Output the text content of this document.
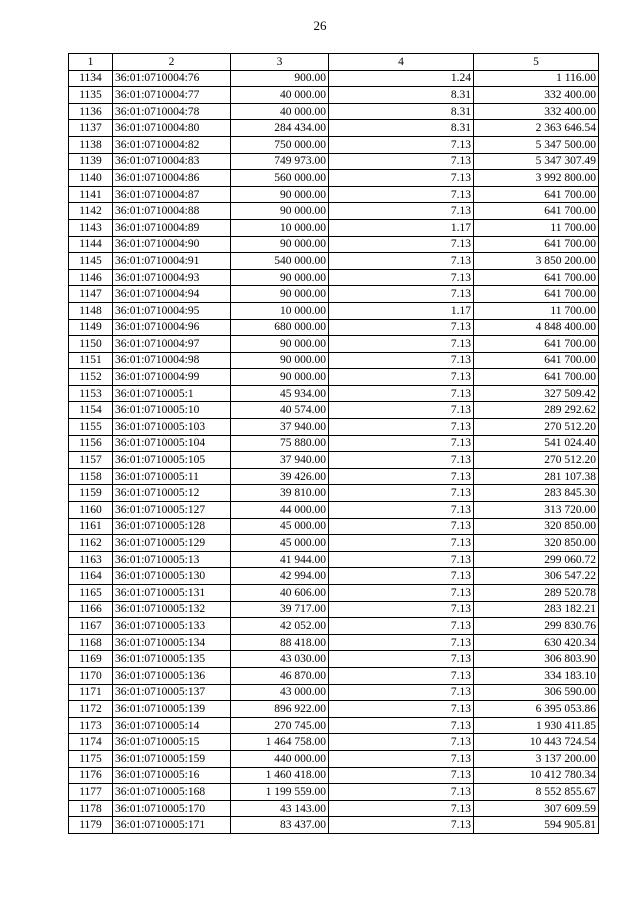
26
1	2	3	4	5
1134	36:01:0710004:76	900.00	1.24	1 116.00
1135	36:01:0710004:77	40 000.00	8.31	332 400.00
1136	36:01:0710004:78	40 000.00	8.31	332 400.00
1137	36:01:0710004:80	284 434.00	8.31	2 363 646.54
1138	36:01:0710004:82	750 000.00	7.13	5 347 500.00
1139	36:01:0710004:83	749 973.00	7.13	5 347 307.49
1140	36:01:0710004:86	560 000.00	7.13	3 992 800.00
1141	36:01:0710004:87	90 000.00	7.13	641 700.00
1142	36:01:0710004:88	90 000.00	7.13	641 700.00
1143	36:01:0710004:89	10 000.00	1.17	11 700.00
1144	36:01:0710004:90	90 000.00	7.13	641 700.00
1145	36:01:0710004:91	540 000.00	7.13	3 850 200.00
1146	36:01:0710004:93	90 000.00	7.13	641 700.00
1147	36:01:0710004:94	90 000.00	7.13	641 700.00
1148	36:01:0710004:95	10 000.00	1.17	11 700.00
1149	36:01:0710004:96	680 000.00	7.13	4 848 400.00
1150	36:01:0710004:97	90 000.00	7.13	641 700.00
1151	36:01:0710004:98	90 000.00	7.13	641 700.00
1152	36:01:0710004:99	90 000.00	7.13	641 700.00
1153	36:01:0710005:1	45 934.00	7.13	327 509.42
1154	36:01:0710005:10	40 574.00	7.13	289 292.62
1155	36:01:0710005:103	37 940.00	7.13	270 512.20
1156	36:01:0710005:104	75 880.00	7.13	541 024.40
1157	36:01:0710005:105	37 940.00	7.13	270 512.20
1158	36:01:0710005:11	39 426.00	7.13	281 107.38
1159	36:01:0710005:12	39 810.00	7.13	283 845.30
1160	36:01:0710005:127	44 000.00	7.13	313 720.00
1161	36:01:0710005:128	45 000.00	7.13	320 850.00
1162	36:01:0710005:129	45 000.00	7.13	320 850.00
1163	36:01:0710005:13	41 944.00	7.13	299 060.72
1164	36:01:0710005:130	42 994.00	7.13	306 547.22
1165	36:01:0710005:131	40 606.00	7.13	289 520.78
1166	36:01:0710005:132	39 717.00	7.13	283 182.21
1167	36:01:0710005:133	42 052.00	7.13	299 830.76
1168	36:01:0710005:134	88 418.00	7.13	630 420.34
1169	36:01:0710005:135	43 030.00	7.13	306 803.90
1170	36:01:0710005:136	46 870.00	7.13	334 183.10
1171	36:01:0710005:137	43 000.00	7.13	306 590.00
1172	36:01:0710005:139	896 922.00	7.13	6 395 053.86
1173	36:01:0710005:14	270 745.00	7.13	1 930 411.85
1174	36:01:0710005:15	1 464 758.00	7.13	10 443 724.54
1175	36:01:0710005:159	440 000.00	7.13	3 137 200.00
1176	36:01:0710005:16	1 460 418.00	7.13	10 412 780.34
1177	36:01:0710005:168	1 199 559.00	7.13	8 552 855.67
1178	36:01:0710005:170	43 143.00	7.13	307 609.59
1179	36:01:0710005:171	83 437.00	7.13	594 905.81
